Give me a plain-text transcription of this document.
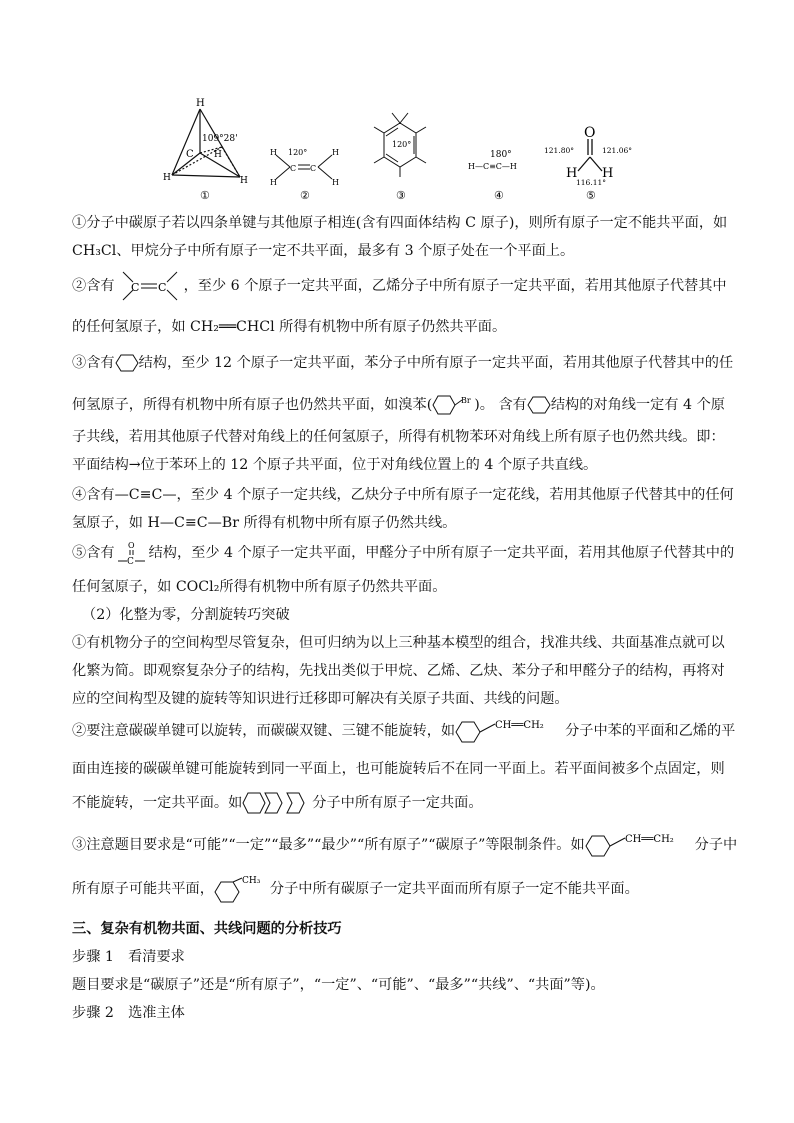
H
C
109°28'
H
H	H
①
H
H
C C
H
H
120°
②
120°
③
H—C≡C—H
180°
④
O
H H
121.80°	121.06°
116.11°
⑤
①分子中碳原子若以四条单键与其他原子相连(含有四面体结构 C 原子)，则所有原子一定不能共平面，如
CH₃Cl、甲烷分子中所有原子一定不共平面，最多有 3 个原子处在一个平面上。
②含有 C C ，至少 6 个原子一定共平面，乙烯分子中所有原子一定共平面，若用其他原子代替其中
的任何氢原子，如 CH₂══CHCl 所得有机物中所有原子仍然共平面。
③含有 结构，至少 12 个原子一定共平面，苯分子中所有原子一定共平面，若用其他原子代替其中的任
何氢原子，所得有机物中所有原子也仍然共平面，如溴苯(	Br )。 含有 结构的对角线一定有 4 个原
子共线，若用其他原子代替对角线上的任何氢原子，所得有机物苯环对角线上所有原子也仍然共线。即：
平面结构→位于苯环上的 12 个原子共平面，位于对角线位置上的 4 个原子共直线。
④含有—C≡C—，至少 4 个原子一定共线，乙炔分子中所有原子一定花线，若用其他原子代替其中的任何
氢原子，如 H—C≡C—Br 所得有机物中所有原子仍然共线。
⑤含有 O
C
结构，至少 4 个原子一定共平面，甲醛分子中所有原子一定共平面，若用其他原子代替其中的
任何氢原子，如 COCl₂所得有机物中所有原子仍然共平面。
（2）化整为零，分割旋转巧突破
①有机物分子的空间构型尽管复杂，但可归纳为以上三种基本模型的组合，找准共线、共面基准点就可以
化繁为简。即观察复杂分子的结构，先找出类似于甲烷、乙烯、乙炔、苯分子和甲醛分子的结构，再将对
应的空间构型及键的旋转等知识进行迁移即可解决有关原子共面、共线的问题。
②要注意碳碳单键可以旋转，而碳碳双键、三键不能旋转，如	CH══CH₂ 分子中苯的平面和乙烯的平
面由连接的碳碳单键可能旋转到同一平面上，也可能旋转后不在同一平面上。若平面间被多个点固定，则
不能旋转，一定共平面。如	分子中所有原子一定共面。
③注意题目要求是“可能”“一定”“最多”“最少”“所有原子”“碳原子”等限制条件。如	CH══CH₂ 分子中
所有原子可能共平面，	CH₃ 分子中所有碳原子一定共平面而所有原子一定不能共平面。
三、复杂有机物共面、共线问题的分析技巧
步骤 1　看清要求
题目要求是“碳原子”还是“所有原子”，“一定”、“可能”、“最多”“共线”、“共面”等)。
步骤 2　选准主体
